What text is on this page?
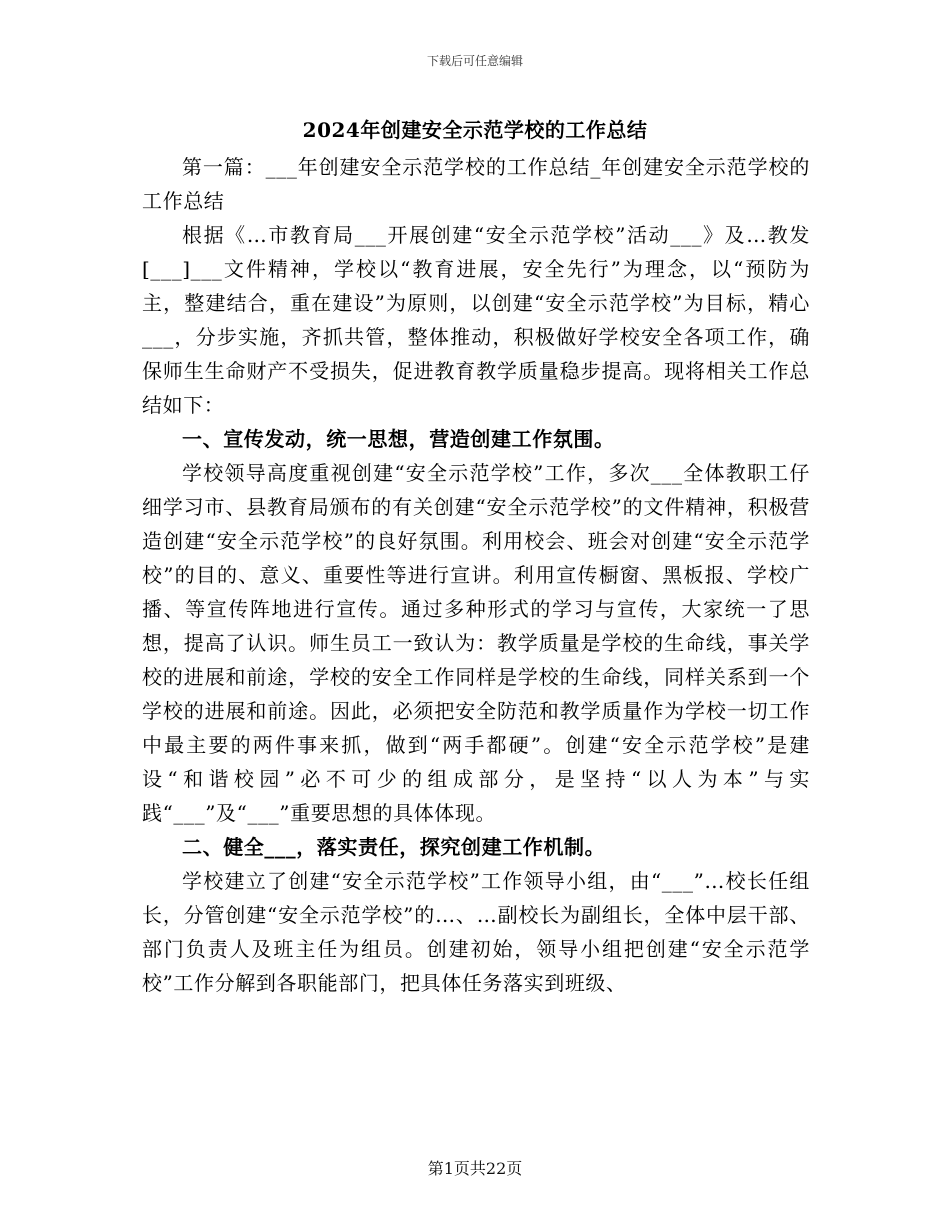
下载后可任意编辑
2024年创建安全示范学校的工作总结

第一篇：___年创建安全示范学校的工作总结_年创建安全示范学校的工作总结

根据《…市教育局___开展创建“安全示范学校”活动___》及…教发[___]___文件精神，学校以“教育进展，安全先行”为理念，以“预防为主，整建结合，重在建设”为原则，以创建“安全示范学校”为目标，精心___，分步实施，齐抓共管，整体推动，积极做好学校安全各项工作，确保师生生命财产不受损失，促进教育教学质量稳步提高。现将相关工作总结如下：

一、宣传发动，统一思想，营造创建工作氛围。

学校领导高度重视创建“安全示范学校”工作，多次___全体教职工仔细学习市、县教育局颁布的有关创建“安全示范学校”的文件精神，积极营造创建“安全示范学校”的良好氛围。利用校会、班会对创建“安全示范学校”的目的、意义、重要性等进行宣讲。利用宣传橱窗、黑板报、学校广播、等宣传阵地进行宣传。通过多种形式的学习与宣传，大家统一了思想，提高了认识。师生员工一致认为：教学质量是学校的生命线，事关学校的进展和前途，学校的安全工作同样是学校的生命线，同样关系到一个学校的进展和前途。因此，必须把安全防范和教学质量作为学校一切工作中最主要的两件事来抓，做到“两手都硬”。创建“安全示范学校”是建设“和谐校园”必不可少的组成部分，是坚持“以人为本”与实践“___”及“___”重要思想的具体体现。

二、健全___，落实责任，探究创建工作机制。

学校建立了创建“安全示范学校”工作领导小组，由“___”…校长任组长，分管创建“安全示范学校”的…、…副校长为副组长，全体中层干部、部门负责人及班主任为组员。创建初始，领导小组把创建“安全示范学校”工作分解到各职能部门，把具体任务落实到班级、

第1页共22页
